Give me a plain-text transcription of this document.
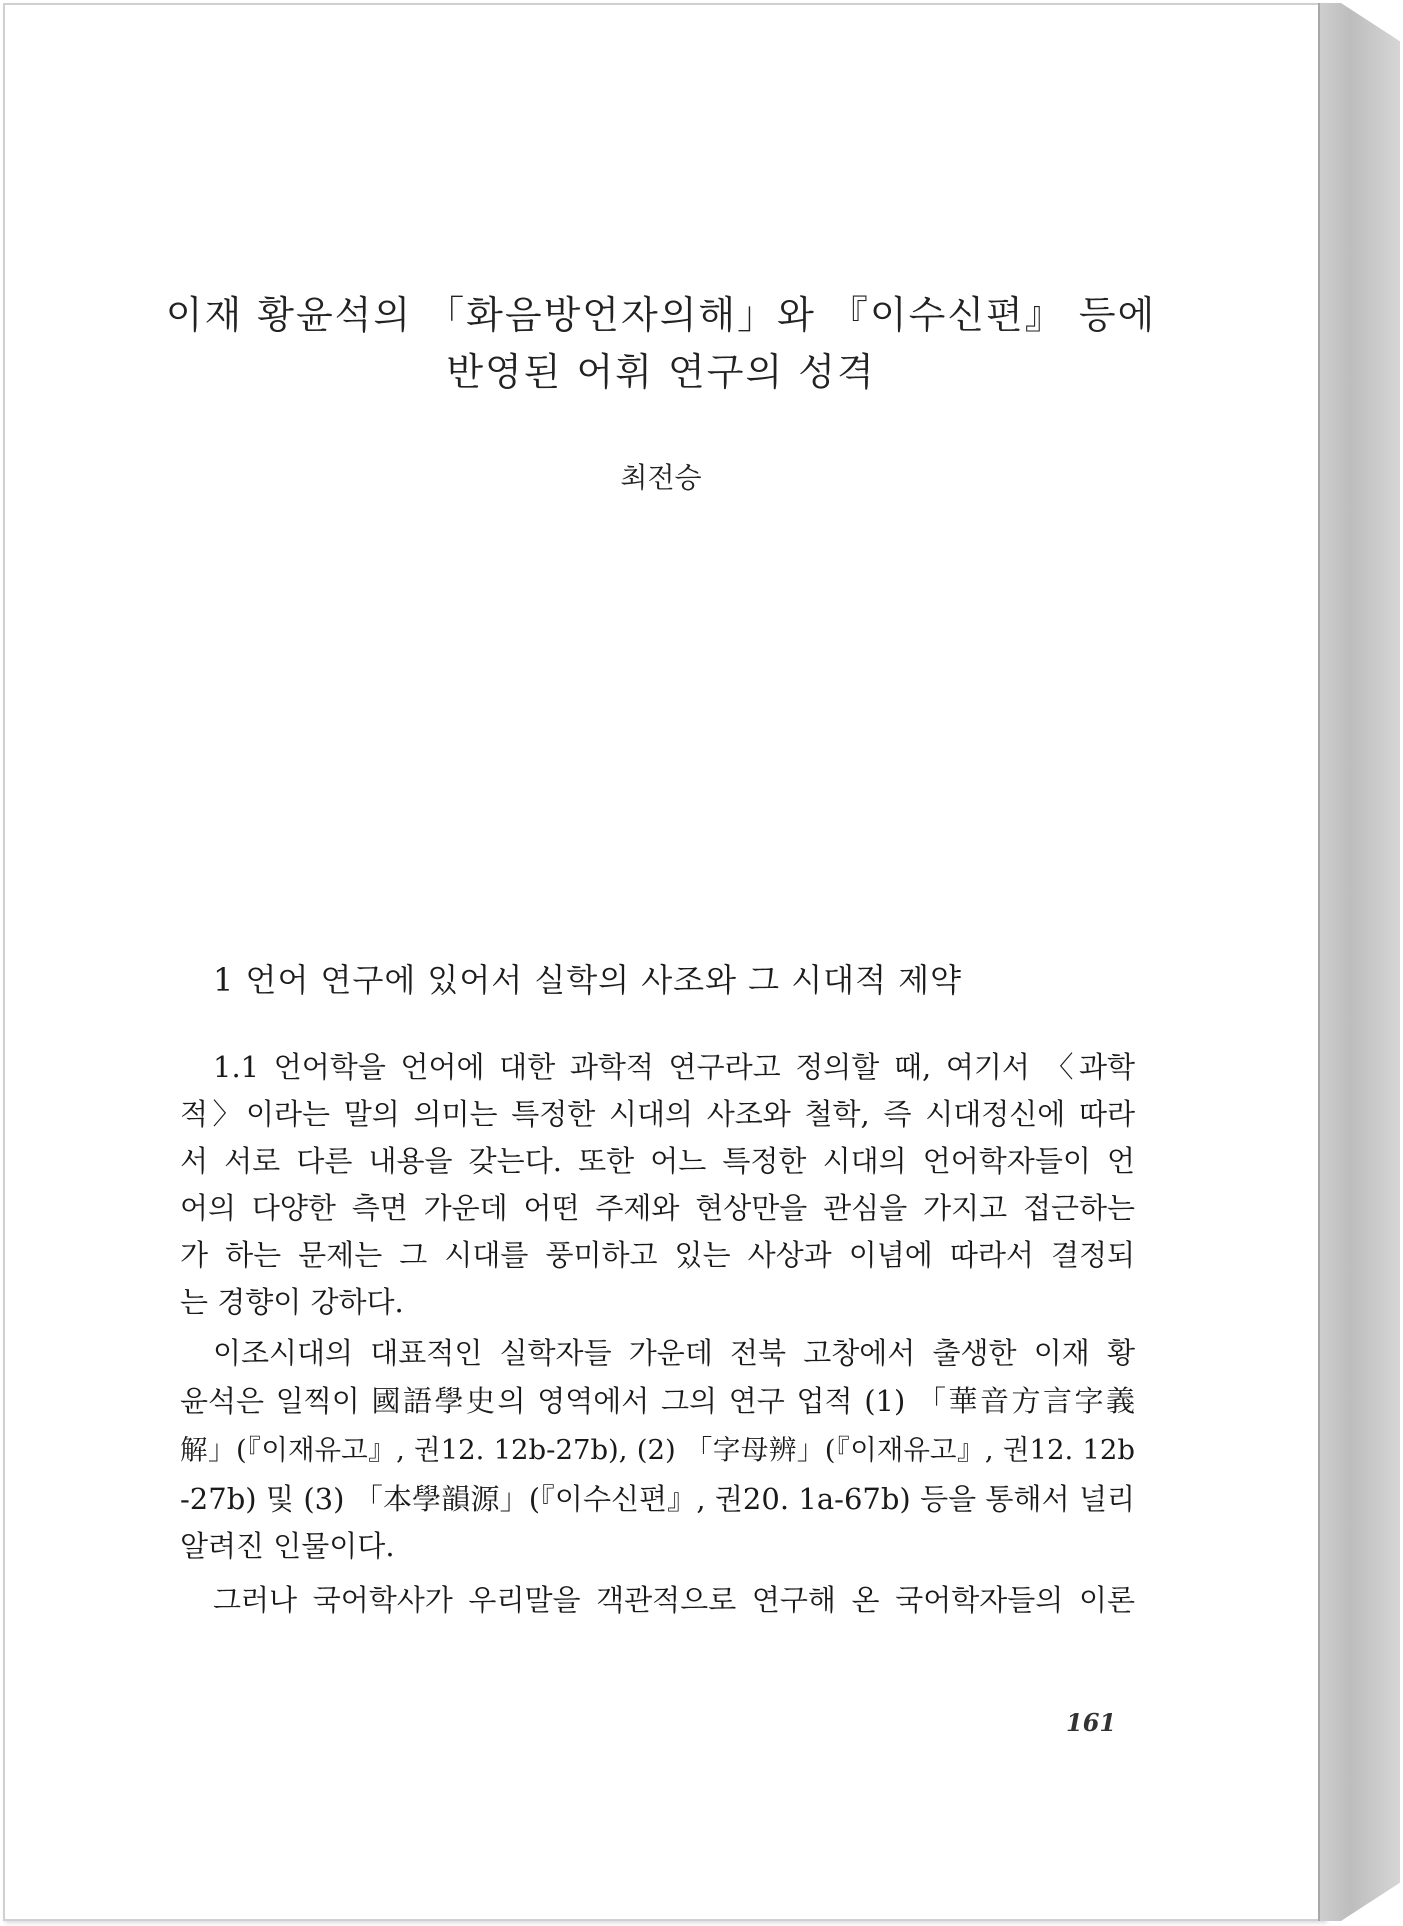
이재 황윤석의 「화음방언자의해」와 『이수신편』 등에
반영된 어휘 연구의 성격
최전승
1 언어 연구에 있어서 실학의 사조와 그 시대적 제약
1.1 언어학을 언어에 대한 과학적 연구라고 정의할 때, 여기서 〈과학
적〉이라는 말의 의미는 특정한 시대의 사조와 철학, 즉 시대정신에 따라
서 서로 다른 내용을 갖는다. 또한 어느 특정한 시대의 언어학자들이 언
어의 다양한 측면 가운데 어떤 주제와 현상만을 관심을 가지고 접근하는
가 하는 문제는 그 시대를 풍미하고 있는 사상과 이념에 따라서 결정되
는 경향이 강하다.
이조시대의 대표적인 실학자들 가운데 전북 고창에서 출생한 이재 황
윤석은 일찍이 國語學史의 영역에서 그의 연구 업적 (1) 「華音方言字義
解」(『이재유고』, 권12. 12b-27b), (2) 「字母辨」(『이재유고』, 권12. 12b
-27b) 및 (3) 「本學韻源」(『이수신편』, 권20. 1a-67b) 등을 통해서 널리
알려진 인물이다.
그러나 국어학사가 우리말을 객관적으로 연구해 온 국어학자들의 이론
161
